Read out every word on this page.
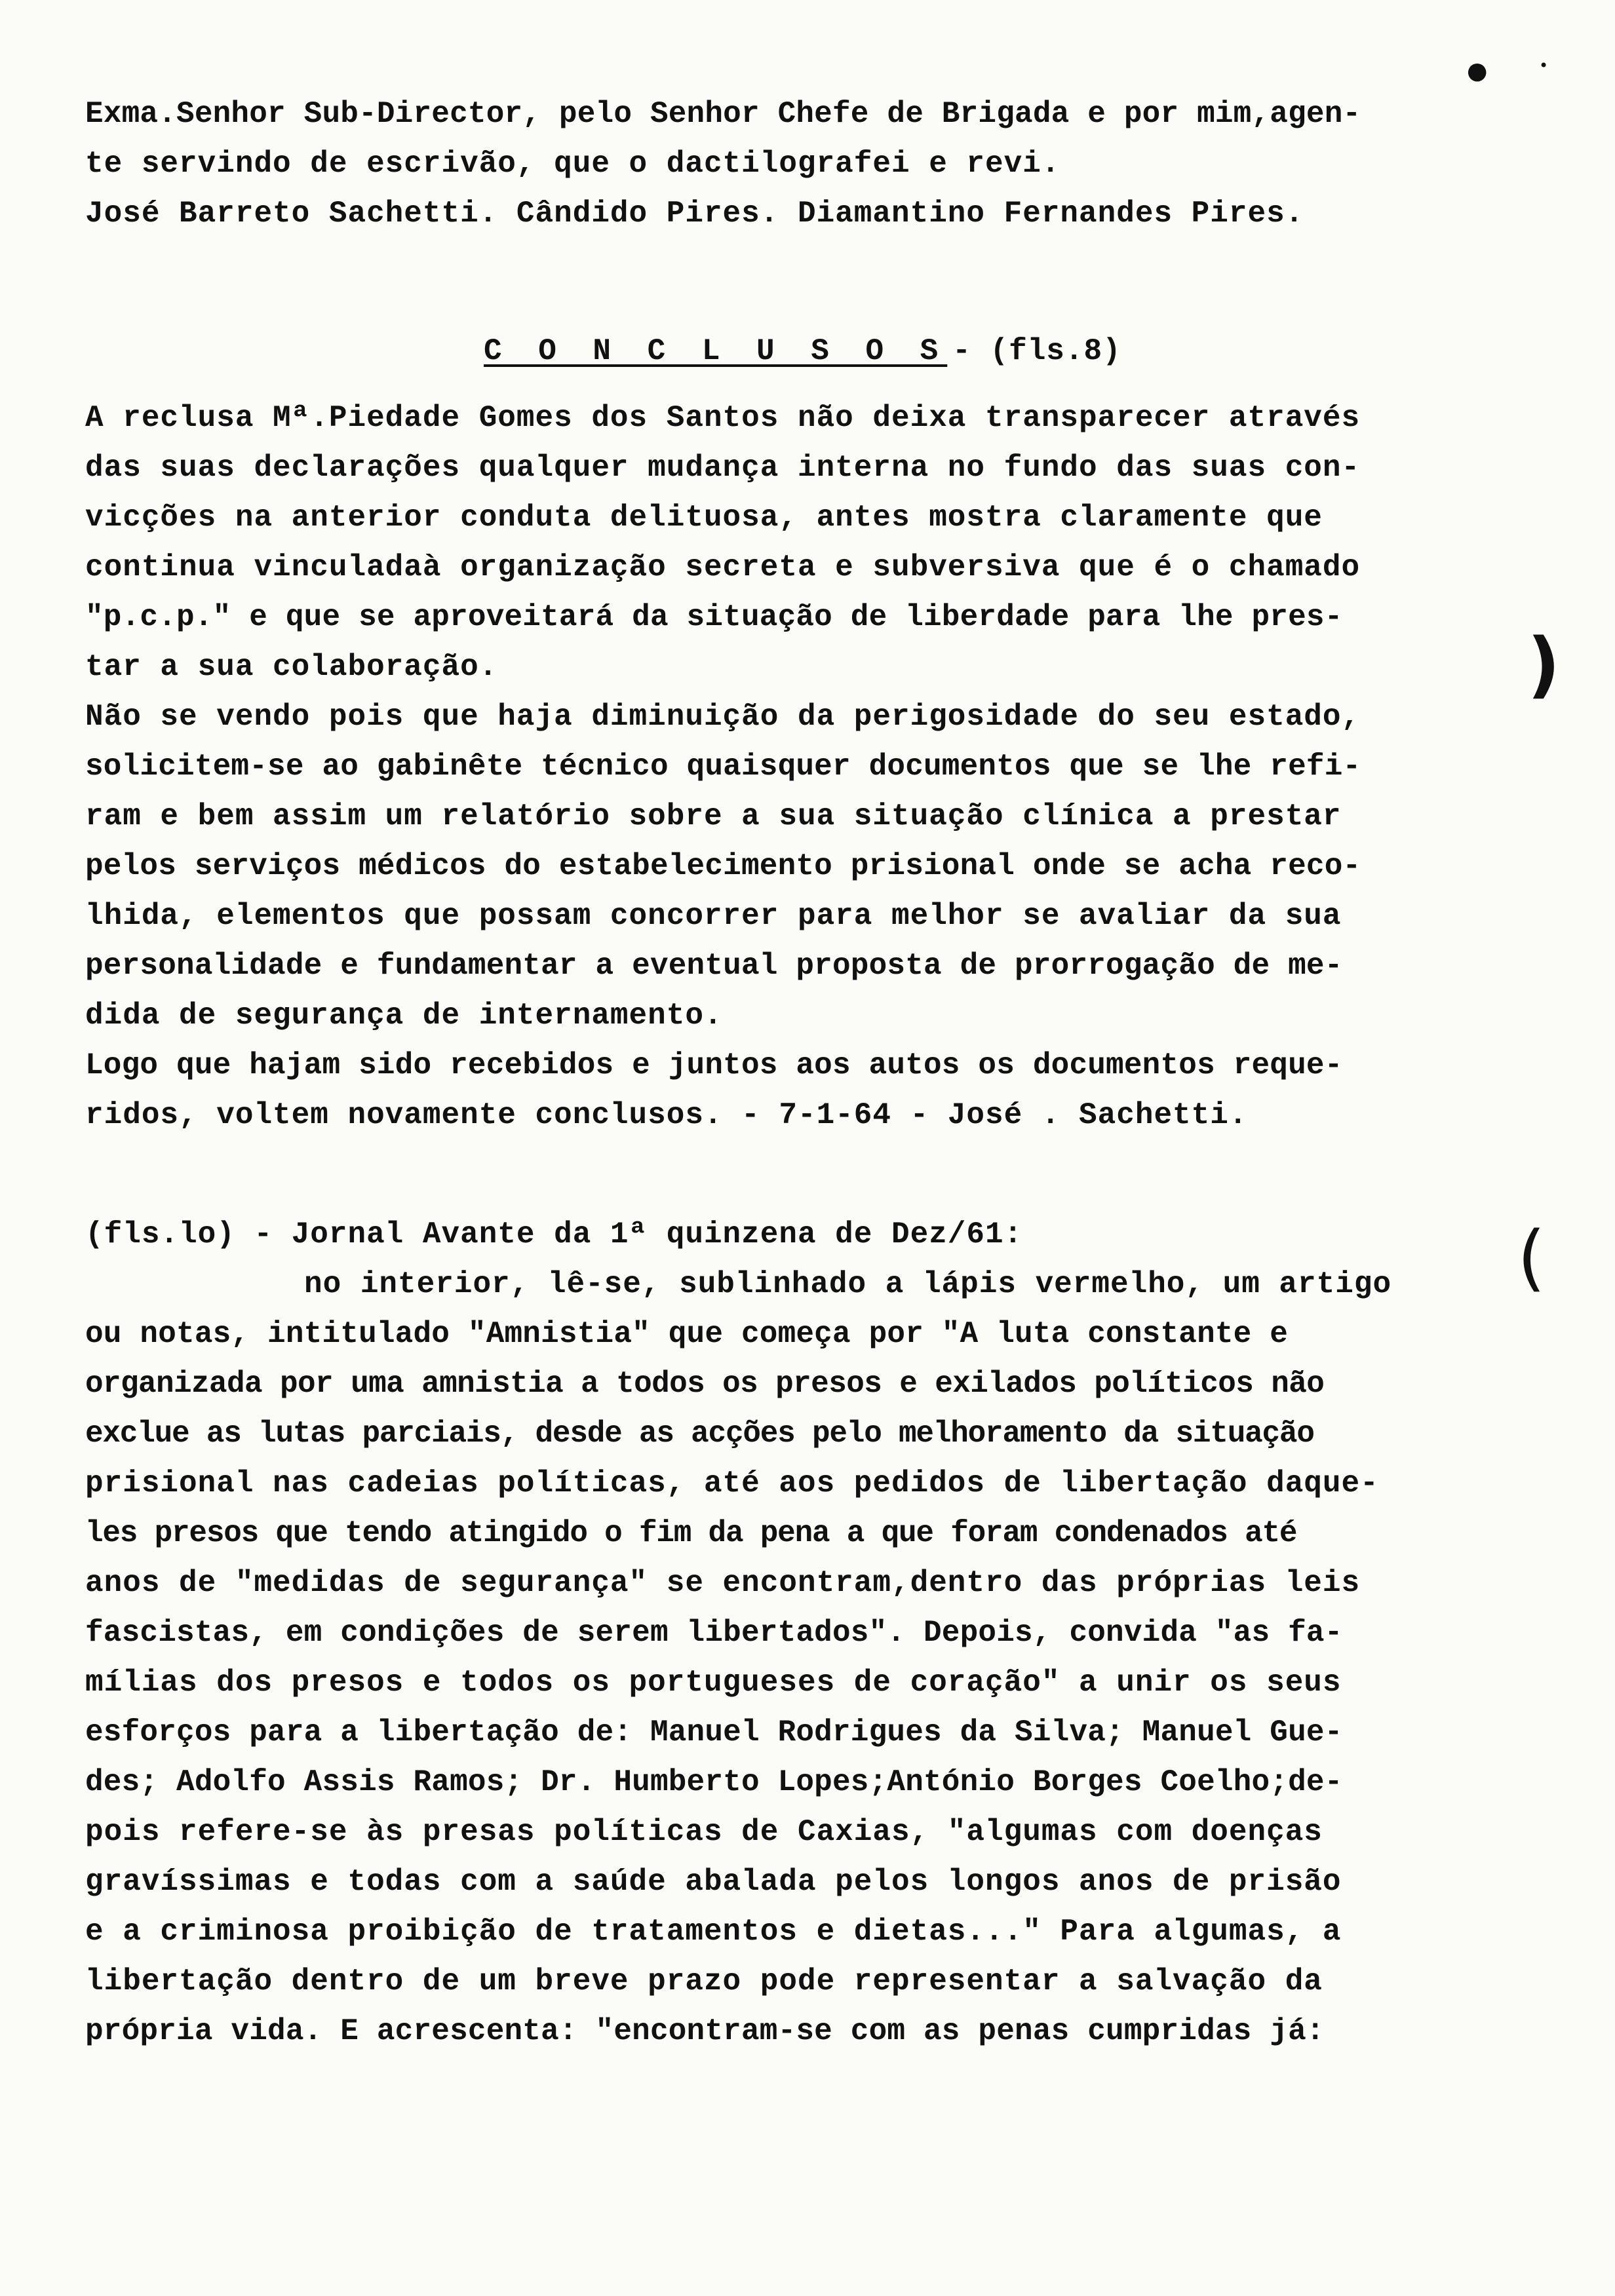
●	•
Exma.Senhor Sub-Director, pelo Senhor Chefe de Brigada e por mim,agen-
te servindo de escrivão, que o dactilografei e revi.
José Barreto Sachetti. Cândido Pires. Diamantino Fernandes Pires.
C O N C L U S O S - (fls.8)
A reclusa Mª.Piedade Gomes dos Santos não deixa transparecer através
das suas declarações qualquer mudança interna no fundo das suas con-
vicções na anterior conduta delituosa, antes mostra claramente que
continua vinculadaà organização secreta e subversiva que é o chamado
"p.c.p." e que se aproveitará da situação de liberdade para lhe pres-
tar a sua colaboração.
Não se vendo pois que haja diminuição da perigosidade do seu estado,
solicitem-se ao gabinête técnico quaisquer documentos que se lhe refi-
ram e bem assim um relatório sobre a sua situação clínica a prestar
pelos serviços médicos do estabelecimento prisional onde se acha reco-
lhida, elementos que possam concorrer para melhor se avaliar da sua
personalidade e fundamentar a eventual proposta de prorrogação de me-
dida de segurança de internamento.
Logo que hajam sido recebidos e juntos aos autos os documentos reque-
ridos, voltem novamente conclusos. - 7-1-64 - José . Sachetti.
(fls.lo) - Jornal Avante da 1ª quinzena de Dez/61:
no interior, lê-se, sublinhado a lápis vermelho, um artigo
ou notas, intitulado "Amnistia" que começa por "A luta constante e
organizada por uma amnistia a todos os presos e exilados políticos não
exclue as lutas parciais, desde as acções pelo melhoramento da situação
prisional nas cadeias políticas, até aos pedidos de libertação daque-
les presos que tendo atingido o fim da pena a que foram condenados até
anos de "medidas de segurança" se encontram,dentro das próprias leis
fascistas, em condições de serem libertados". Depois, convida "as fa-
mílias dos presos e todos os portugueses de coração" a unir os seus
esforços para a libertação de: Manuel Rodrigues da Silva; Manuel Gue-
des; Adolfo Assis Ramos; Dr. Humberto Lopes;António Borges Coelho;de-
pois refere-se às presas políticas de Caxias, "algumas com doenças
gravíssimas e todas com a saúde abalada pelos longos anos de prisão
e a criminosa proibição de tratamentos e dietas..." Para algumas, a
libertação dentro de um breve prazo pode representar a salvação da
própria vida. E acrescenta: "encontram-se com as penas cumpridas já:
)
(
